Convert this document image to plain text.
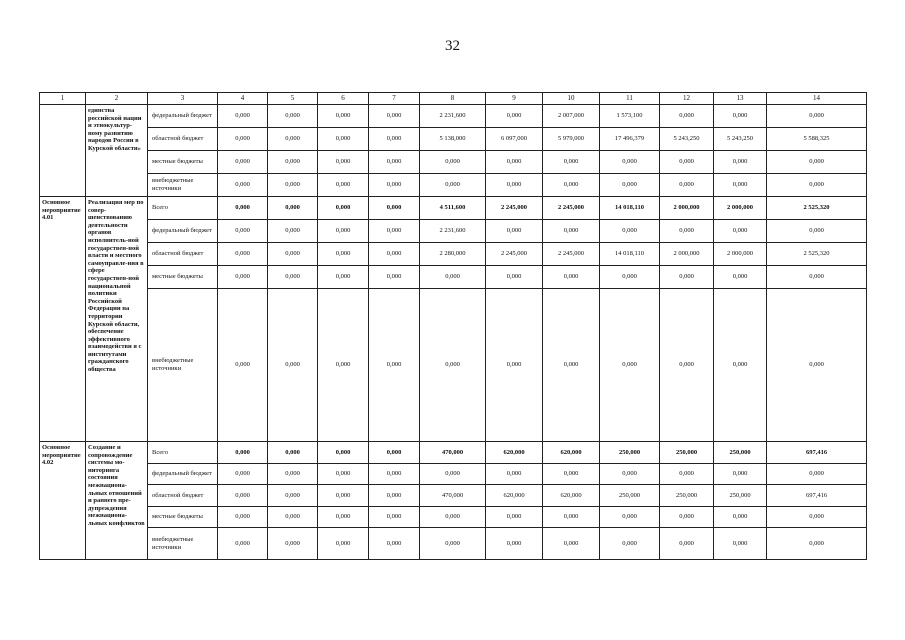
32
1	2	3	4	5	6	7	8	9	10	11	12	13	14
	единства российской нации и этнокультур-ному развитию народов России в Курской области»	федеральный бюджет	0,000	0,000	0,000	0,000	2 231,600	0,000	2 007,000	1 573,100	0,000	0,000	0,000
		областной бюджет	0,000	0,000	0,000	0,000	5 138,000	6 097,000	5 979,000	17 496,379	5 243,250	5 243,250	5 588,325
		местные бюджеты	0,000	0,000	0,000	0,000	0,000	0,000	0,000	0,000	0,000	0,000	0,000
		внебюджетные источники	0,000	0,000	0,000	0,000	0,000	0,000	0,000	0,000	0,000	0,000	0,000
Основное мероприятие 4.01	Реализация мер по совер-шенствованию деятельности органов исполнитель-ной государствен-ной власти и местного самоуправле-ния в сфере государствен-ной национальной политики Российской Федерации на территории Курской области, обеспечение эффективного взаимодействи я с институтами гражданского общества	Всего	0,000	0,000	0,000	0,000	4 511,600	2 245,000	2 245,000	14 018,110	2 000,000	2 000,000	2 525,320
		федеральный бюджет	0,000	0,000	0,000	0,000	2 231,600	0,000	0,000	0,000	0,000	0,000	0,000
		областной бюджет	0,000	0,000	0,000	0,000	2 280,000	2 245,000	2 245,000	14 018,110	2 000,000	2 000,000	2 525,320
		местные бюджеты	0,000	0,000	0,000	0,000	0,000	0,000	0,000	0,000	0,000	0,000	0,000
		внебюджетные источники	0,000	0,000	0,000	0,000	0,000	0,000	0,000	0,000	0,000	0,000	0,000
Основное мероприятие 4.02	Создание и сопровождение системы мо-ниторинга состояния межнациона-льных отношений и раннего пре-дупреждения межнациона-льных конфликтов	Всего	0,000	0,000	0,000	0,000	470,000	620,000	620,000	250,000	250,000	250,000	697,416
		федеральный бюджет	0,000	0,000	0,000	0,000	0,000	0,000	0,000	0,000	0,000	0,000	0,000
		областной бюджет	0,000	0,000	0,000	0,000	470,000	620,000	620,000	250,000	250,000	250,000	697,416
		местные бюджеты	0,000	0,000	0,000	0,000	0,000	0,000	0,000	0,000	0,000	0,000	0,000
		внебюджетные источники	0,000	0,000	0,000	0,000	0,000	0,000	0,000	0,000	0,000	0,000	0,000
